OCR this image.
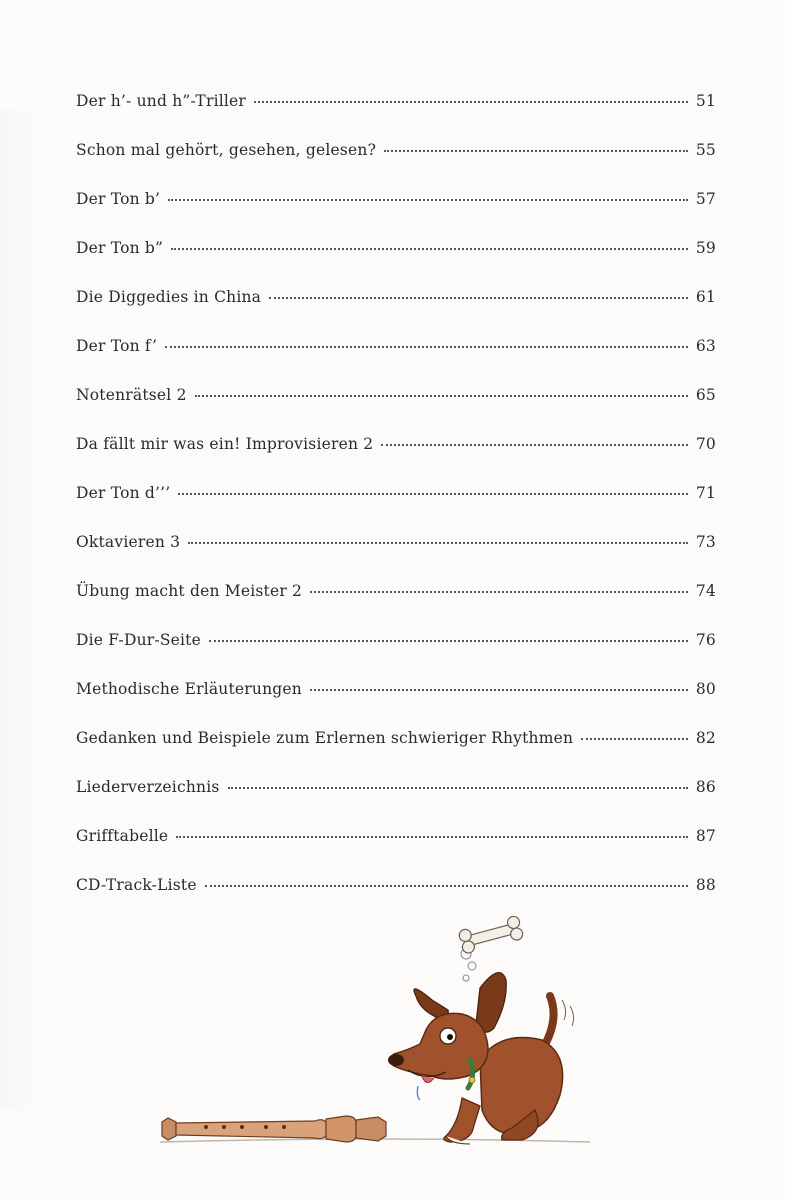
Der h’- und h”-Triller	51
Schon mal gehört, gesehen, gelesen?	55
Der Ton b’	57
Der Ton b”	59
Die Diggedies in China	61
Der Ton f’	63
Notenrätsel 2	65
Da fällt mir was ein! Improvisieren 2	70
Der Ton d’’’	71
Oktavieren 3	73
Übung macht den Meister 2	74
Die F-Dur-Seite	76
Methodische Erläuterungen	80
Gedanken und Beispiele zum Erlernen schwieriger Rhythmen	82
Liederverzeichnis	86
Grifftabelle	87
CD-Track-Liste	88
